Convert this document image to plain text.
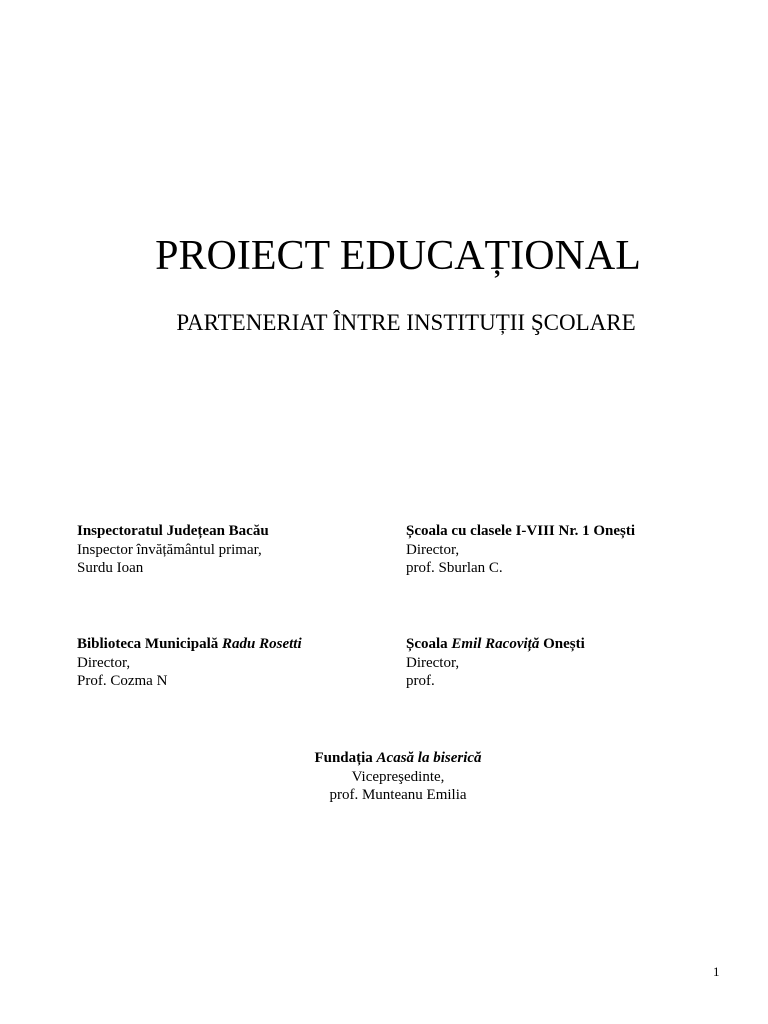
PROIECT EDUCAȚIONAL
PARTENERIAT ÎNTRE INSTITUȚII ŞCOLARE
Inspectoratul Județean Bacău
Inspector învățământul primar,
Surdu Ioan
Școala cu clasele I-VIII Nr. 1 Onești
Director,
prof. Sburlan C.
Biblioteca Municipală Radu Rosetti
Director,
Prof. Cozma N
Școala Emil Racoviță Onești
Director,
prof.
Fundația Acasă la biserică
Vicepreşedinte,
prof. Munteanu Emilia
1
